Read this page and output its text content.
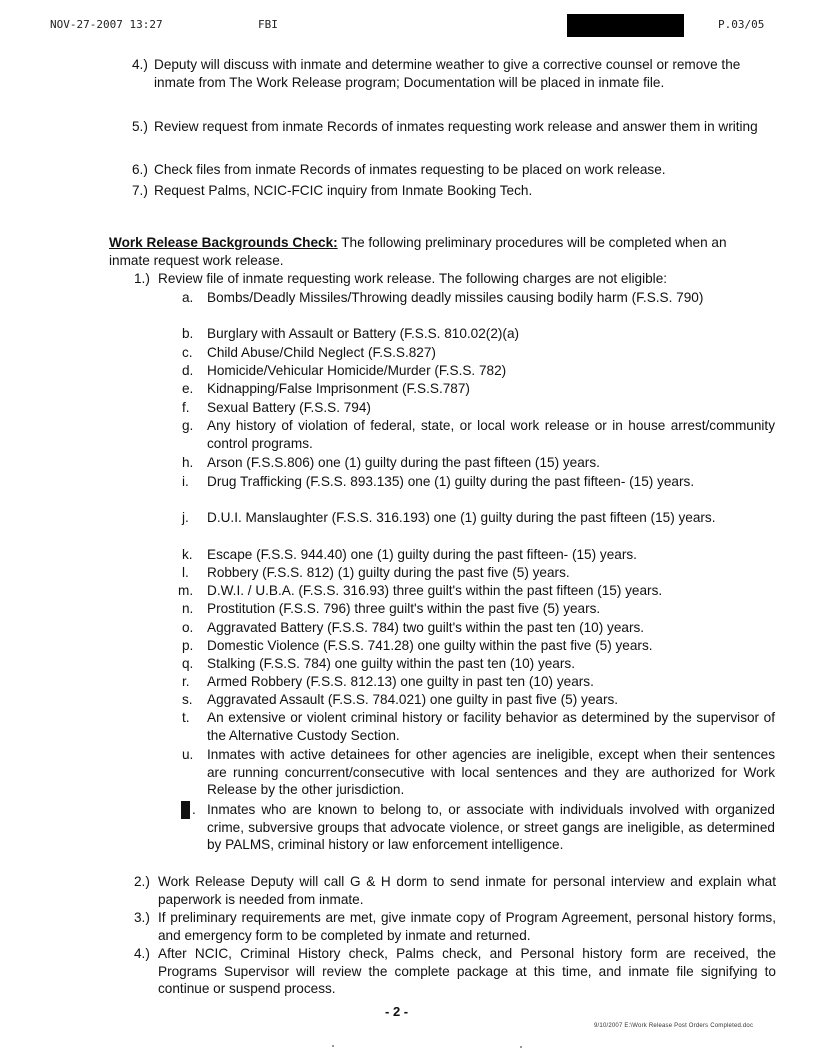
NOV-27-2007 13:27	FBI	P.03/05
4.) Deputy will discuss with inmate and determine weather to give a corrective counsel or remove the inmate from The Work Release program; Documentation will be placed in inmate file.
5.) Review request from inmate Records of inmates requesting work release and answer them in writing
6.) Check files from inmate Records of inmates requesting to be placed on work release.
7.) Request Palms, NCIC-FCIC inquiry from Inmate Booking Tech.

Work Release Backgrounds Check: The following preliminary procedures will be completed when an inmate request work release.

1.) Review file of inmate requesting work release. The following charges are not eligible:
a. Bombs/Deadly Missiles/Throwing deadly missiles causing bodily harm (F.S.S. 790)
b. Burglary with Assault or Battery (F.S.S. 810.02(2)(a)
c. Child Abuse/Child Neglect (F.S.S.827)
d. Homicide/Vehicular Homicide/Murder (F.S.S. 782)
e. Kidnapping/False Imprisonment (F.S.S.787)
f. Sexual Battery (F.S.S. 794)
g. Any history of violation of federal, state, or local work release or in house arrest/community control programs.
h. Arson (F.S.S.806) one (1) guilty during the past fifteen (15) years.
i. Drug Trafficking (F.S.S. 893.135) one (1) guilty during the past fifteen- (15) years.
j. D.U.I. Manslaughter (F.S.S. 316.193) one (1) guilty during the past fifteen (15) years.
k. Escape (F.S.S. 944.40) one (1) guilty during the past fifteen- (15) years.
l. Robbery (F.S.S. 812) (1) guilty during the past five (5) years.
m. D.W.I. / U.B.A. (F.S.S. 316.93) three guilt's within the past fifteen (15) years.
n. Prostitution (F.S.S. 796) three guilt's within the past five (5) years.
o. Aggravated Battery (F.S.S. 784) two guilt's within the past ten (10) years.
p. Domestic Violence (F.S.S. 741.28) one guilty within the past five (5) years.
q. Stalking (F.S.S. 784) one guilty within the past ten (10) years.
r. Armed Robbery (F.S.S. 812.13) one guilty in past ten (10) years.
s. Aggravated Assault (F.S.S. 784.021) one guilty in past five (5) years.
t. An extensive or violent criminal history or facility behavior as determined by the supervisor of the Alternative Custody Section.
u. Inmates with active detainees for other agencies are ineligible, except when their sentences are running concurrent/consecutive with local sentences and they are authorized for Work Release by the other jurisdiction.
. Inmates who are known to belong to, or associate with individuals involved with organized crime, subversive groups that advocate violence, or street gangs are ineligible, as determined by PALMS, criminal history or law enforcement intelligence.
2.) Work Release Deputy will call G & H dorm to send inmate for personal interview and explain what paperwork is needed from inmate.
3.) If preliminary requirements are met, give inmate copy of Program Agreement, personal history forms, and emergency form to be completed by inmate and returned.
4.) After NCIC, Criminal History check, Palms check, and Personal history form are received, the Programs Supervisor will review the complete package at this time, and inmate file signifying to continue or suspend process.
- 2 -
9/10/2007 E:\Work Release Post Orders Completed.doc
